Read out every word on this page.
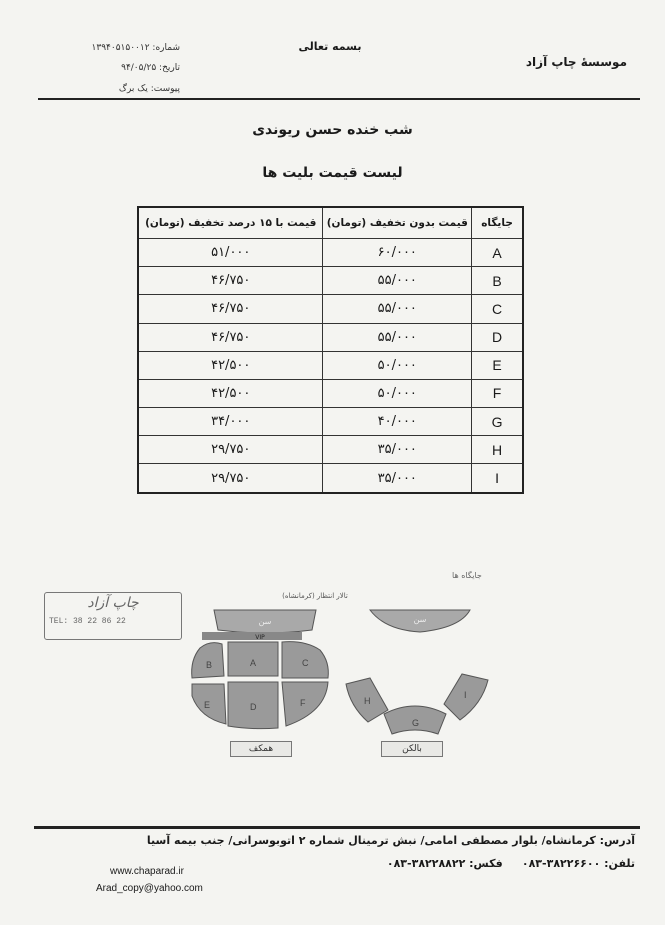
بسمه تعالی
موسسهٔ چاپ آزاد
شماره: ۱۳۹۴۰۵۱۵۰۰۱۲
تاریخ: ۹۴/۰۵/۲۵
پیوست: یک برگ
شب خنده حسن ریوندی
لیست قیمت بلیت ها
جایگاه	قیمت بدون تخفیف (تومان)	قیمت با ۱۵ درصد تخفیف (تومان)
A	۶۰/۰۰۰	۵۱/۰۰۰
B	۵۵/۰۰۰	۴۶/۷۵۰
C	۵۵/۰۰۰	۴۶/۷۵۰
D	۵۵/۰۰۰	۴۶/۷۵۰
E	۵۰/۰۰۰	۴۲/۵۰۰
F	۵۰/۰۰۰	۴۲/۵۰۰
G	۴۰/۰۰۰	۳۴/۰۰۰
H	۳۵/۰۰۰	۲۹/۷۵۰
I	۳۵/۰۰۰	۲۹/۷۵۰
چاپ آزاد
TEL: 38 22 86 22
جایگاه ها
تالار انتظار (کرمانشاه)
سن	سن
VIP
B	A	C
E	D	F	H
G
I
همکف	بالکن
آدرس: کرمانشاه/ بلوار مصطفی امامی/ نبش ترمینال شماره ۲ اتوبوسرانی/ جنب بیمه آسیا
تلفن: ۳۸۲۲۶۶۰۰-۰۸۳     فکس: ۳۸۲۲۸۸۲۲-۰۸۳
www.chaparad.ir
Arad_copy@yahoo.com
